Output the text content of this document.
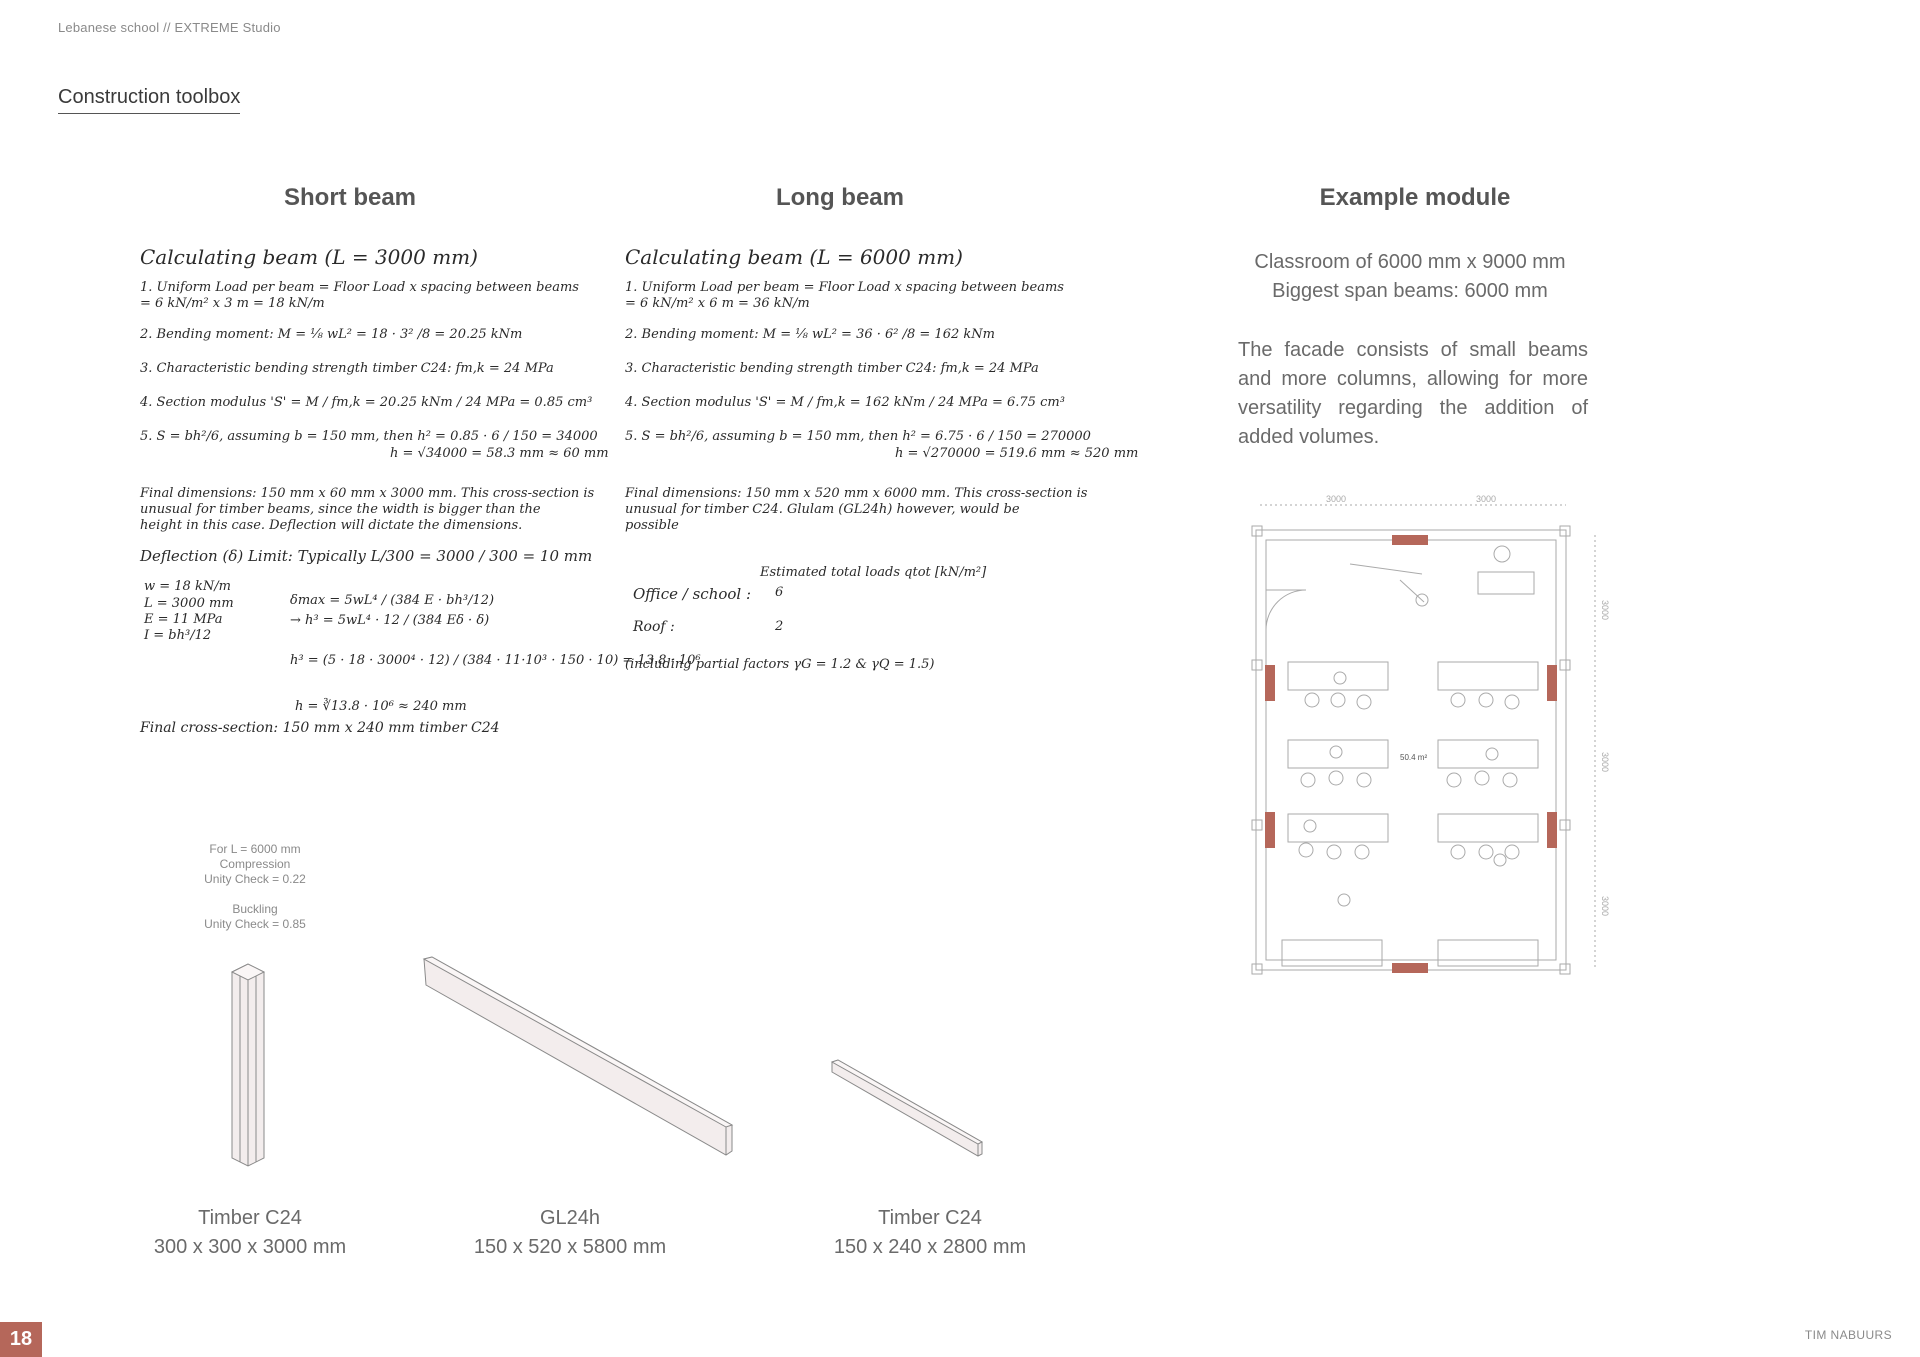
Lebanese school // EXTREME Studio
Construction toolbox
Short beam	Long beam	Example module
Calculating beam (L = 3000 mm)
1. Uniform Load per beam = Floor Load x spacing between beams
= 6 kN/m² x 3 m = 18 kN/m
2. Bending moment: M = ⅛ wL² = 18 · 3² /8 = 20.25 kNm
3. Characteristic bending strength timber C24: fm,k = 24 MPa
4. Section modulus 'S' = M / fm,k = 20.25 kNm / 24 MPa = 0.85 cm³
5. S = bh²/6, assuming b = 150 mm, then h² = 0.85 · 6 / 150 = 34000
h = √34000 = 58.3 mm ≈ 60 mm
Final dimensions: 150 mm x 60 mm x 3000 mm. This cross-section is
unusual for timber beams, since the width is bigger than the
height in this case. Deflection will dictate the dimensions.
Deflection (δ) Limit: Typically L/300 = 3000 / 300 = 10 mm
w = 18 kN/m
L = 3000 mm
E = 11 MPa
I = bh³/12
δmax = 5wL⁴ / (384 E · bh³/12)
→ h³ = 5wL⁴ · 12 / (384 Eδ · δ)
h³ = (5 · 18 · 3000⁴ · 12) / (384 · 11·10³ · 150 · 10) = 13.8 · 10⁶
h = ∛13.8 · 10⁶ ≈ 240 mm
Final cross-section: 150 mm x 240 mm timber C24
Calculating beam (L = 6000 mm)
1. Uniform Load per beam = Floor Load x spacing between beams
= 6 kN/m² x 6 m = 36 kN/m
2. Bending moment: M = ⅛ wL² = 36 · 6² /8 = 162 kNm
3. Characteristic bending strength timber C24: fm,k = 24 MPa
4. Section modulus 'S' = M / fm,k = 162 kNm / 24 MPa = 6.75 cm³
5. S = bh²/6, assuming b = 150 mm, then h² = 6.75 · 6 / 150 = 270000
h = √270000 = 519.6 mm ≈ 520 mm
Final dimensions: 150 mm x 520 mm x 6000 mm. This cross-section is
unusual for timber C24. Glulam (GL24h) however, would be
possible
Estimated total loads qtot [kN/m²]
Office / school : 6
Roof :	2
(including partial factors γG = 1.2 & γQ = 1.5)
Classroom of 6000 mm x 9000 mm
Biggest span beams: 6000 mm
The facade consists of small beams and more columns, allowing for more versatility regarding the addition of added volumes.
3000	3000
50.4 m²
3000
3000
3000
For L = 6000 mm
Compression
Unity Check = 0.22
Buckling
Unity Check = 0.85
Timber C24
300 x 300 x 3000 mm
GL24h
150 x 520 x 5800 mm
Timber C24
150 x 240 x 2800 mm
18	TIM NABUURS
